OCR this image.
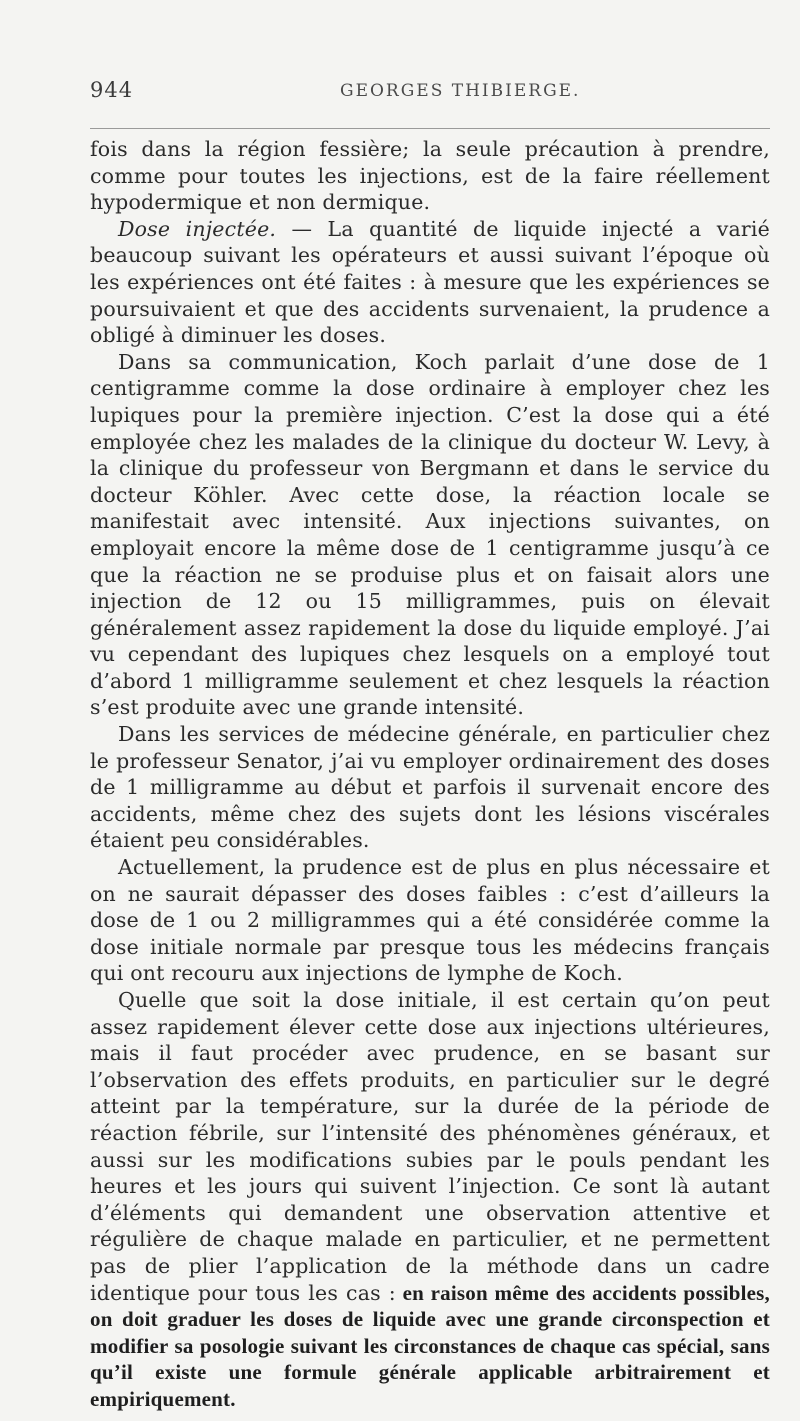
944	GEORGES THIBIERGE.

fois dans la région fessière; la seule précaution à prendre, comme pour toutes les injections, est de la faire réellement hypodermique et non dermique.

Dose injectée. — La quantité de liquide injecté a varié beaucoup suivant les opérateurs et aussi suivant l’époque où les expériences ont été faites : à mesure que les expériences se poursuivaient et que des accidents survenaient, la prudence a obligé à diminuer les doses.

Dans sa communication, Koch parlait d’une dose de 1 centigramme comme la dose ordinaire à employer chez les lupiques pour la première injection. C’est la dose qui a été employée chez les malades de la clinique du docteur W. Levy, à la clinique du professeur von Bergmann et dans le service du docteur Köhler. Avec cette dose, la réaction locale se manifestait avec intensité. Aux injections suivantes, on employait encore la même dose de 1 centigramme jusqu’à ce que la réaction ne se produise plus et on faisait alors une injection de 12 ou 15 milligrammes, puis on élevait généralement assez rapidement la dose du liquide employé. J’ai vu cependant des lupiques chez lesquels on a employé tout d’abord 1 milligramme seulement et chez lesquels la réaction s’est produite avec une grande intensité.

Dans les services de médecine générale, en particulier chez le professeur Senator, j’ai vu employer ordinairement des doses de 1 milligramme au début et parfois il survenait encore des accidents, même chez des sujets dont les lésions viscérales étaient peu considérables.

Actuellement, la prudence est de plus en plus nécessaire et on ne saurait dépasser des doses faibles : c’est d’ailleurs la dose de 1 ou 2 milligrammes qui a été considérée comme la dose initiale normale par presque tous les médecins français qui ont recouru aux injections de lymphe de Koch.

Quelle que soit la dose initiale, il est certain qu’on peut assez rapidement élever cette dose aux injections ultérieures, mais il faut procéder avec prudence, en se basant sur l’observation des effets produits, en particulier sur le degré atteint par la température, sur la durée de la période de réaction fébrile, sur l’intensité des phénomènes généraux, et aussi sur les modifications subies par le pouls pendant les heures et les jours qui suivent l’injection. Ce sont là autant d’éléments qui demandent une observation attentive et régulière de chaque malade en particulier, et ne permettent pas de plier l’application de la méthode dans un cadre identique pour tous les cas : en raison même des accidents possibles, on doit graduer les doses de liquide avec une grande circonspection et modifier sa posologie suivant les circonstances de chaque cas spécial, sans qu’il existe une formule générale applicable arbitrairement et empiriquement.
